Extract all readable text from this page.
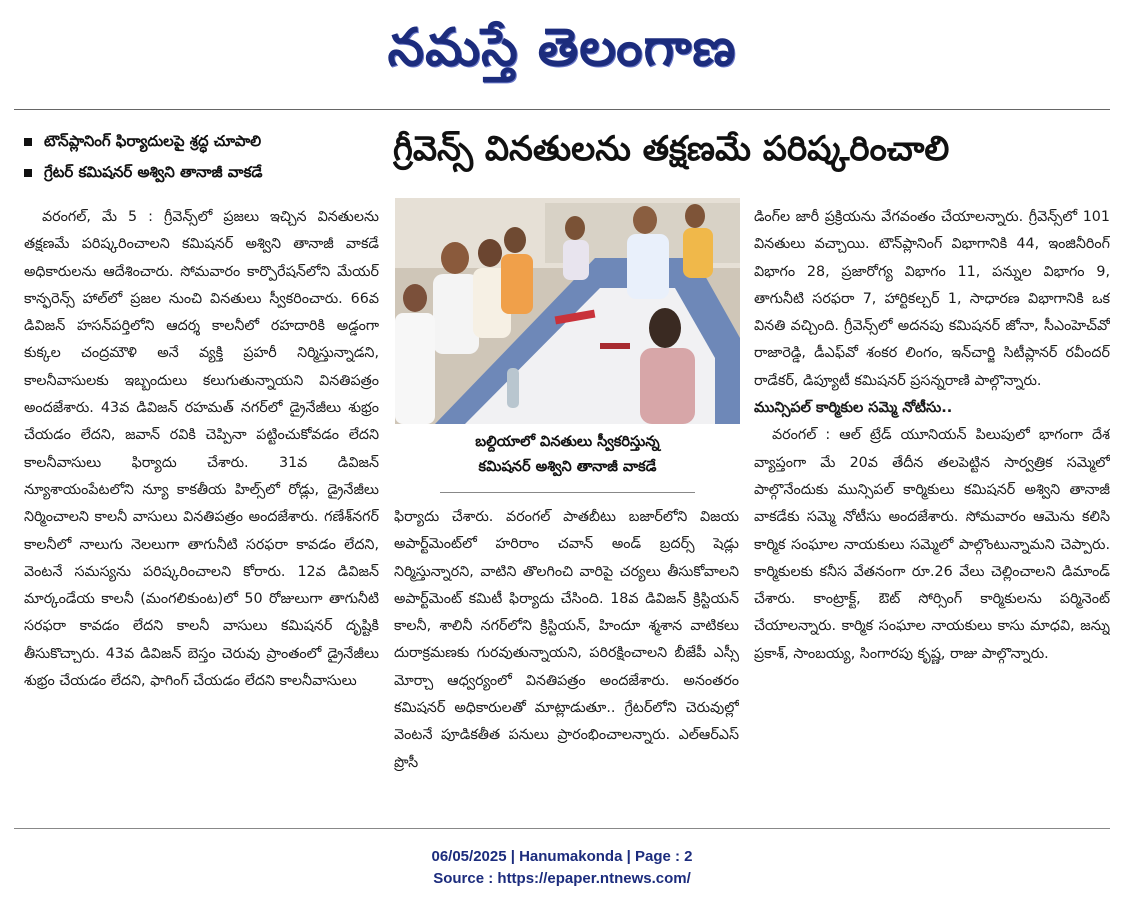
నమస్తే తెలంగాణ
టౌన్‌ప్లానింగ్ ఫిర్యాదులపై శ్రద్ధ చూపాలి
గ్రేటర్ కమిషనర్ అశ్విని తానాజీ వాకడే
గ్రీవెన్స్ వినతులను తక్షణమే పరిష్కరించాలి

వరంగల్, మే 5 : గ్రీవెన్స్‌లో ప్రజలు ఇచ్చిన వినతులను తక్షణమే పరిష్కరించాలని కమిషనర్ అశ్విని తానాజీ వాకడే అధికారులను ఆదేశించారు. సోమవారం కార్పొరేషన్‌లోని మేయర్ కాన్ఫరెన్స్ హాల్‌లో ప్రజల నుంచి వినతులు స్వీకరించారు. 66వ డివిజన్ హసన్‌పర్తిలోని ఆదర్శ కాలనీలో రహదారికి అడ్డంగా కుక్కల చంద్రమౌళి అనే వ్యక్తి ప్రహరీ నిర్మిస్తున్నాడని, కాలనీవాసులకు ఇబ్బందులు కలుగుతున్నాయని వినతిపత్రం అందజేశారు. 43వ డివిజన్ రహమత్ నగర్‌లో డ్రైనేజీలు శుభ్రం చేయడం లేదని, జవాన్ రవికి చెప్పినా పట్టించుకోవడం లేదని కాలనీవాసులు ఫిర్యాదు చేశారు. 31వ డివిజన్ న్యూశాయంపేటలోని న్యూ కాకతీయ హిల్స్‌లో రోడ్లు, డ్రైనేజీలు నిర్మించాలని కాలనీ వాసులు వినతిపత్రం అందజేశారు. గణేశ్‌నగర్ కాలనీలో నాలుగు నెలలుగా తాగునీటి సరఫరా కావడం లేదని, వెంటనే సమస్యను పరిష్కరించాలని కోరారు. 12వ డివిజన్ మార్కండేయ కాలనీ (మంగలికుంట)లో 50 రోజులుగా తాగునీటి సరఫరా కావడం లేదని కాలనీ వాసులు కమిషనర్ దృష్టికి తీసుకొచ్చారు. 43వ డివిజన్ బెస్తం చెరువు ప్రాంతంలో డ్రైనేజీలు శుభ్రం చేయడం లేదని, ఫాగింగ్ చేయడం లేదని కాలనీవాసులు

బల్దియాలో వినతులు స్వీకరిస్తున్న
కమిషనర్ అశ్విని తానాజీ వాకడే

ఫిర్యాదు చేశారు. వరంగల్ పాతబీటు బజార్‌లోని విజయ అపార్ట్‌మెంట్‌లో హరిరాం చవాన్ అండ్ బ్రదర్స్ షెడ్లు నిర్మిస్తున్నారని, వాటిని తొలగించి వారిపై చర్యలు తీసుకోవాలని అపార్ట్‌మెంట్ కమిటీ ఫిర్యాదు చేసింది. 18వ డివిజన్ క్రిస్టియన్ కాలనీ, శాలినీ నగర్‌లోని క్రిస్టియన్, హిందూ శ్మశాన వాటికలు దురాక్రమణకు గురవుతున్నాయని, పరిరక్షించాలని బీజేపీ ఎస్సీ మోర్చా ఆధ్వర్యంలో వినతిపత్రం అందజేశారు. అనంతరం కమిషనర్ అధికారులతో మాట్లాడుతూ.. గ్రేటర్‌లోని చెరువుల్లో వెంటనే పూడికతీత పనులు ప్రారంభించాలన్నారు. ఎల్‌ఆర్‌ఎస్ ప్రొసీ

డింగ్‌ల జారీ ప్రక్రియను వేగవంతం చేయాలన్నారు. గ్రీవెన్స్‌లో 101 వినతులు వచ్చాయి. టౌన్‌ప్లానింగ్ విభాగానికి 44, ఇంజినీరింగ్ విభాగం 28, ప్రజారోగ్య విభాగం 11, పన్నుల విభాగం 9, తాగునీటి సరఫరా 7, హార్టికల్చర్ 1, సాధారణ విభాగానికి ఒక వినతి వచ్చింది. గ్రీవెన్స్‌లో అదనపు కమిషనర్ జోనా, సీఎంహెచ్‌వో రాజారెడ్డి, డీఎఫ్‌వో శంకర లింగం, ఇన్‌చార్జి సిటీప్లానర్ రవీందర్ రాడేకర్, డిప్యూటీ కమిషనర్ ప్రసన్నరాణి పాల్గొన్నారు.

మున్సిపల్ కార్మికుల సమ్మె నోటీసు..

వరంగల్ : ఆల్ ట్రేడ్ యూనియన్ పిలుపులో భాగంగా దేశ వ్యాప్తంగా మే 20వ తేదీన తలపెట్టిన సార్వత్రిక సమ్మెలో పాల్గొనేందుకు మున్సిపల్ కార్మికులు కమిషనర్ అశ్విని తానాజీ వాకడేకు సమ్మె నోటీసు అందజేశారు. సోమవారం ఆమెను కలిసి కార్మిక సంఘాల నాయకులు సమ్మెలో పాల్గొంటున్నామని చెప్పారు. కార్మికులకు కనీస వేతనంగా రూ.26 వేలు చెల్లించాలని డిమాండ్ చేశారు. కాంట్రాక్ట్, ఔట్ సోర్సింగ్ కార్మికులను పర్మినెంట్ చేయాలన్నారు. కార్మిక సంఘాల నాయకులు కాసు మాధవి, జన్ను ప్రకాశ్, సాంబయ్య, సింగారపు కృష్ణ, రాజు పాల్గొన్నారు.

06/05/2025 | Hanumakonda | Page : 2
Source : https://epaper.ntnews.com/
